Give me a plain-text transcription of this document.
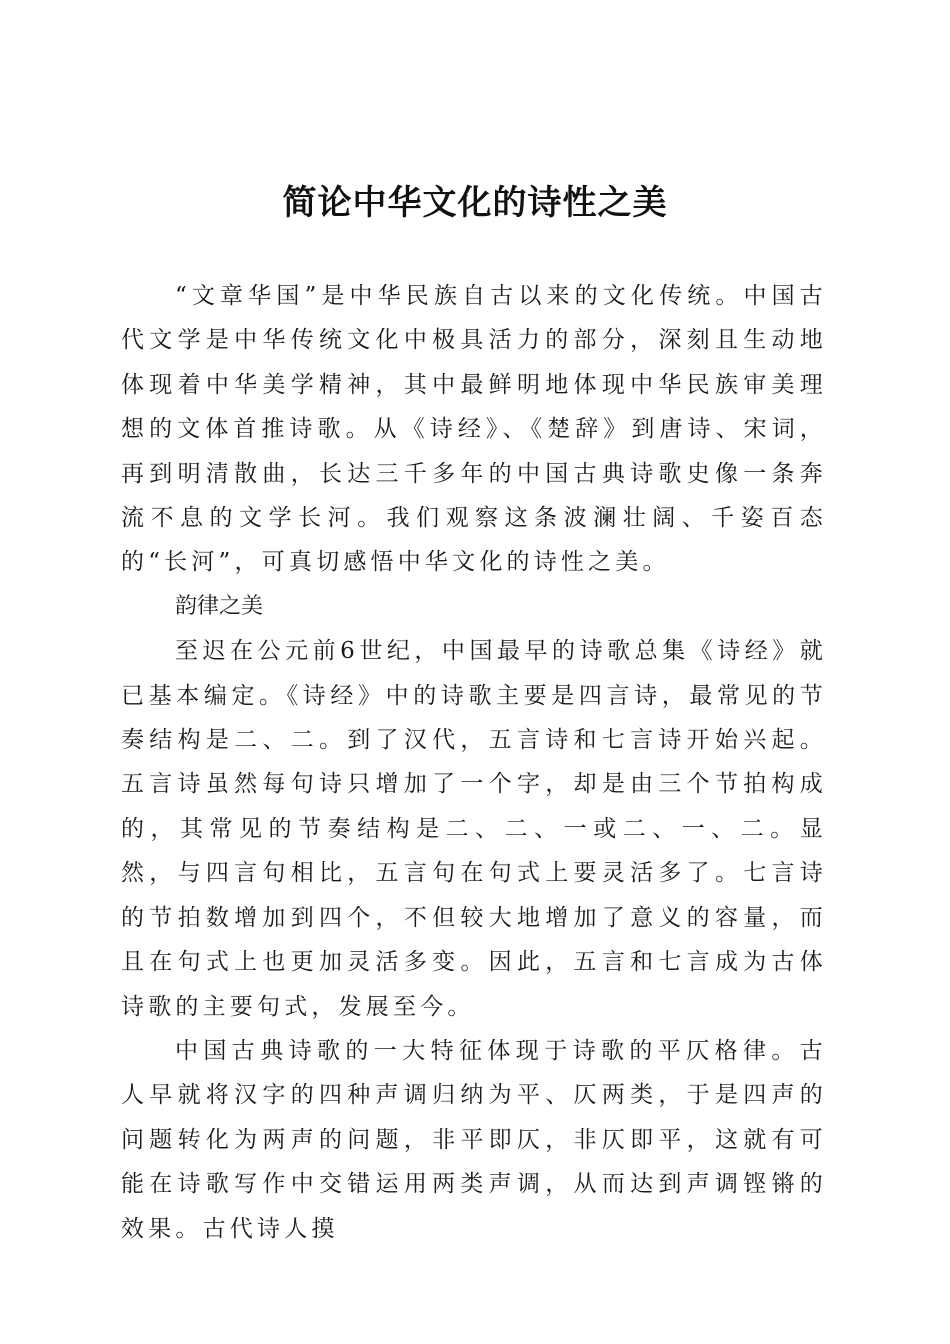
简论中华文化的诗性之美

“文章华国”是中华民族自古以来的文化传统。中国古代文学是中华传统文化中极具活力的部分，深刻且生动地体现着中华美学精神，其中最鲜明地体现中华民族审美理想的文体首推诗歌。从《诗经》、《楚辞》到唐诗、宋词，再到明清散曲，长达三千多年的中国古典诗歌史像一条奔流不息的文学长河。我们观察这条波澜壮阔、千姿百态的“长河”，可真切感悟中华文化的诗性之美。

韵律之美

至迟在公元前6世纪，中国最早的诗歌总集《诗经》就已基本编定。《诗经》中的诗歌主要是四言诗，最常见的节奏结构是二、二。到了汉代，五言诗和七言诗开始兴起。五言诗虽然每句诗只增加了一个字，却是由三个节拍构成的，其常见的节奏结构是二、二、一或二、一、二。显然，与四言句相比，五言句在句式上要灵活多了。七言诗的节拍数增加到四个，不但较大地增加了意义的容量，而且在句式上也更加灵活多变。因此，五言和七言成为古体诗歌的主要句式，发展至今。

中国古典诗歌的一大特征体现于诗歌的平仄格律。古人早就将汉字的四种声调归纳为平、仄两类，于是四声的问题转化为两声的问题，非平即仄，非仄即平，这就有可能在诗歌写作中交错运用两类声调，从而达到声调铿锵的效果。古代诗人摸
